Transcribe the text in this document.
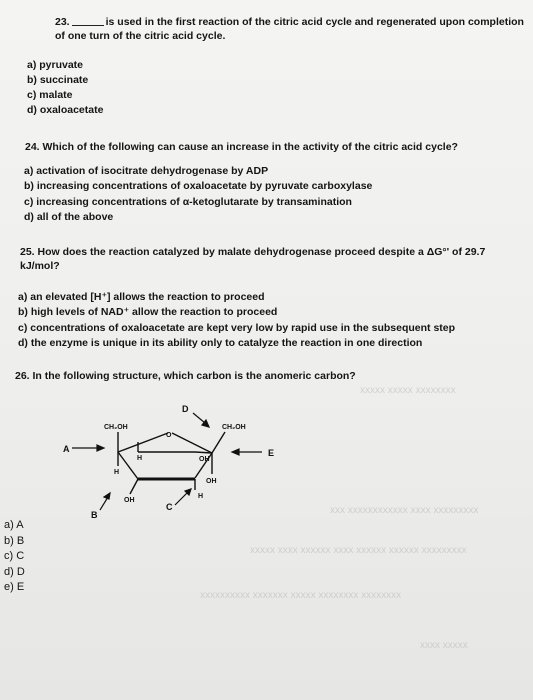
xxxxxxxx xxxxx xxxxx
xxxxxxxxx xxxx xxxxxxxxxxxx xxx
xxxxxxxxx xxxxxx xxxxxx xxxx xxxxxx xxxx xxxxx
xxxxxxxx xxxxxxxx xxxxx xxxxxxx xxxxxxxxxx
xxxxx xxxx
23.	is used in the first reaction of the citric acid cycle and regenerated upon completion
of one turn of the citric acid cycle.
a) pyruvate
b) succinate
c) malate
d) oxaloacetate
24. Which of the following can cause an increase in the activity of the citric acid cycle?
a) activation of isocitrate dehydrogenase by ADP
b) increasing concentrations of oxaloacetate by pyruvate carboxylase
c) increasing concentrations of α-ketoglutarate by transamination
d) all of the above
25. How does the reaction catalyzed by malate dehydrogenase proceed despite a ΔG°' of 29.7
kJ/mol?
a) an elevated [H⁺] allows the reaction to proceed
b) high levels of NAD⁺ allow the reaction to proceed
c) concentrations of oxaloacetate are kept very low by rapid use in the subsequent step
d) the enzyme is unique in its ability only to catalyze the reaction in one direction
26. In the following structure, which carbon is the anomeric carbon?
CH₂OH	CH₂OH
O
H	OH
H
OH
OH
H
A
B
C
D
E
a) A
b) B
c) C
d) D
e) E
